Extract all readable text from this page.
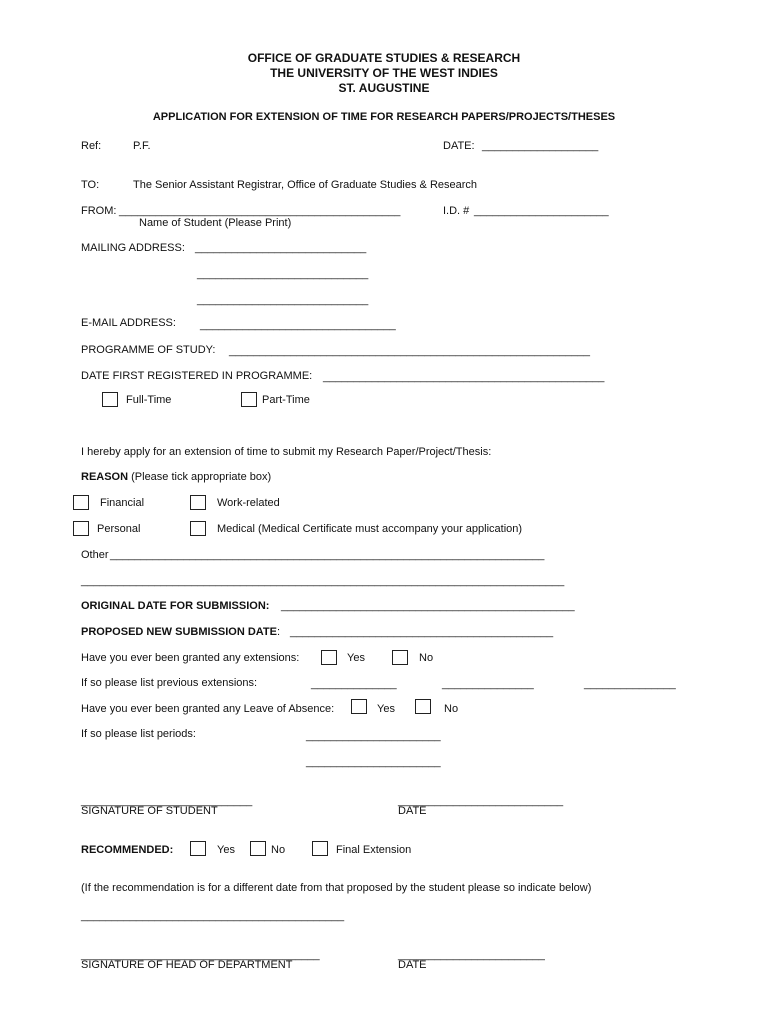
OFFICE OF GRADUATE STUDIES & RESEARCH
THE UNIVERSITY OF THE WEST INDIES
ST. AUGUSTINE
APPLICATION FOR EXTENSION OF TIME FOR RESEARCH PAPERS/PROJECTS/THESES
Ref:	P.F.	DATE: ___________________
TO:	The Senior Assistant Registrar, Office of Graduate Studies & Research
FROM: ______________________________________________
Name of Student (Please Print)
I.D. # ______________________
MAILING ADDRESS: ____________________________
____________________________
____________________________
E-MAIL ADDRESS: ________________________________
PROGRAMME OF STUDY: ___________________________________________________________
DATE FIRST REGISTERED IN PROGRAMME: ______________________________________________
Full-Time	Part-Time
I hereby apply for an extension of time to submit my Research Paper/Project/Thesis:
REASON (Please tick appropriate box)
Financial	Work-related
Personal	Medical (Medical Certificate must accompany your application)
Other _______________________________________________________________________
_______________________________________________________________________________
ORIGINAL DATE FOR SUBMISSION: ________________________________________________
PROPOSED NEW SUBMISSION DATE: ___________________________________________
Have you ever been granted any extensions:	Yes	No
If so please list previous extensions:	______________	_______________	_______________
Have you ever been granted any Leave of Absence:	Yes	No
If so please list periods:	______________________
______________________
____________________________
SIGNATURE OF STUDENT
___________________________
DATE
RECOMMENDED:	Yes	No	Final Extension
(If the recommendation is for a different date from that proposed by the student please so indicate below)
___________________________________________
_______________________________________
SIGNATURE OF HEAD OF DEPARTMENT
________________________
DATE
